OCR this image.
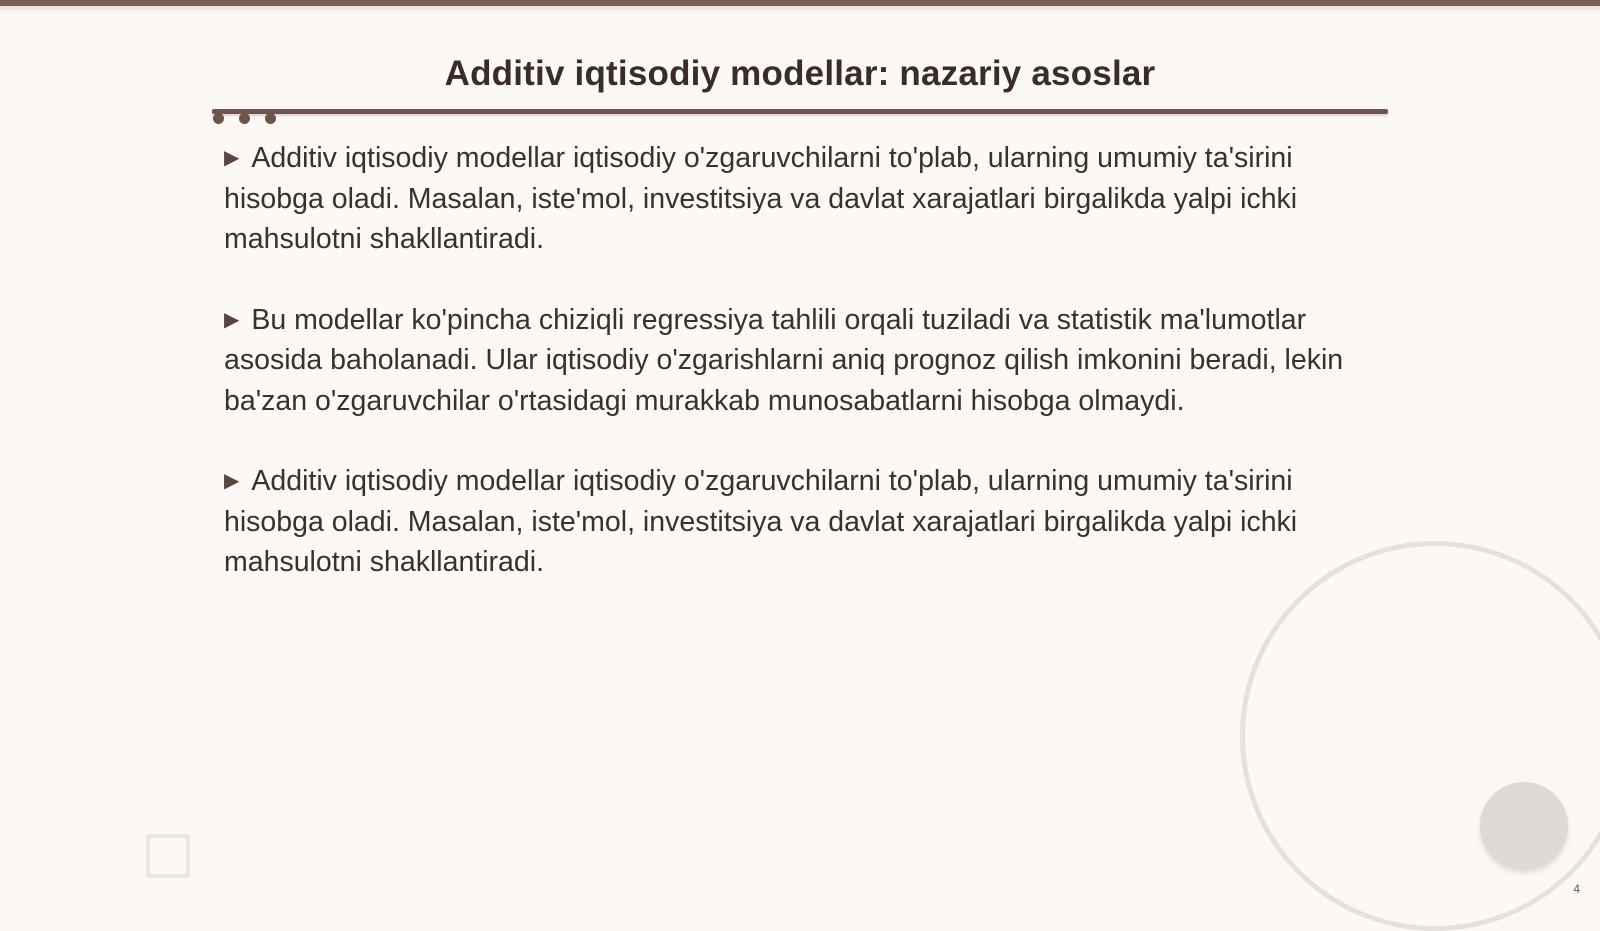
Additiv iqtisodiy modellar: nazariy asoslar

▶ Additiv iqtisodiy modellar iqtisodiy o'zgaruvchilarni to'plab, ularning umumiy ta'sirini hisobga oladi. Masalan, iste'mol, investitsiya va davlat xarajatlari birgalikda yalpi ichki mahsulotni shakllantiradi.

▶ Bu modellar ko'pincha chiziqli regressiya tahlili orqali tuziladi va statistik ma'lumotlar asosida baholanadi. Ular iqtisodiy o'zgarishlarni aniq prognoz qilish imkonini beradi, lekin ba'zan o'zgaruvchilar o'rtasidagi murakkab munosabatlarni hisobga olmaydi.

▶ Additiv iqtisodiy modellar iqtisodiy o'zgaruvchilarni to'plab, ularning umumiy ta'sirini hisobga oladi. Masalan, iste'mol, investitsiya va davlat xarajatlari birgalikda yalpi ichki mahsulotni shakllantiradi.

4
